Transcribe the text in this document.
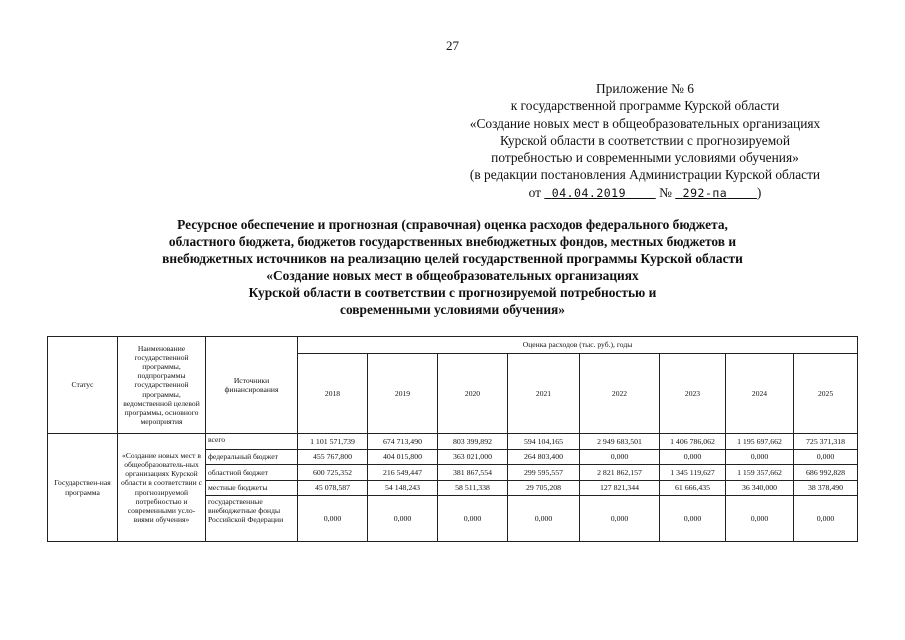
27
Приложение № 6
к государственной программе Курской области
«Создание новых мест в общеобразовательных организациях
Курской области в соответствии с прогнозируемой
потребностью и современными условиями обучения»
(в редакции постановления Администрации Курской области
от 04.04.2019 № 292-па )
Ресурсное обеспечение и прогнозная (справочная) оценка расходов федерального бюджета,
областного бюджета, бюджетов государственных внебюджетных фондов, местных бюджетов и
внебюджетных источников на реализацию целей государственной программы Курской области
«Создание новых мест в общеобразовательных организациях
Курской области в соответствии с прогнозируемой потребностью и
современными условиями обучения»
Статус	Наименование государственной программы, подпрограммы государственной программы, ведомственной целевой программы, основного мероприятия	Источники финансирования	Оценка расходов (тыс. руб.), годы							
			2018	2019	2020	2021	2022	2023	2024	2025
Государствен-ная программа	«Создание новых мест в общеобразователь-ных организациях Курской области в соответствии с прогнозируемой потребностью и современными усло-виями обучения»	всего	1 101 571,739	674 713,490	803 399,892	594 104,165	2 949 683,501	1 406 786,062	1 195 697,662	725 371,318
		федеральный бюджет	455 767,800	404 015,800	363 021,000	264 803,400	0,000	0,000	0,000	0,000
		областной бюджет	600 725,352	216 549,447	381 867,554	299 595,557	2 821 862,157	1 345 119,627	1 159 357,662	686 992,828
		местные бюджеты	45 078,587	54 148,243	58 511,338	29 705,208	127 821,344	61 666,435	36 340,000	38 378,490
		государственные внебюджетные фонды Российской Федерации	0,000	0,000	0,000	0,000	0,000	0,000	0,000	0,000
